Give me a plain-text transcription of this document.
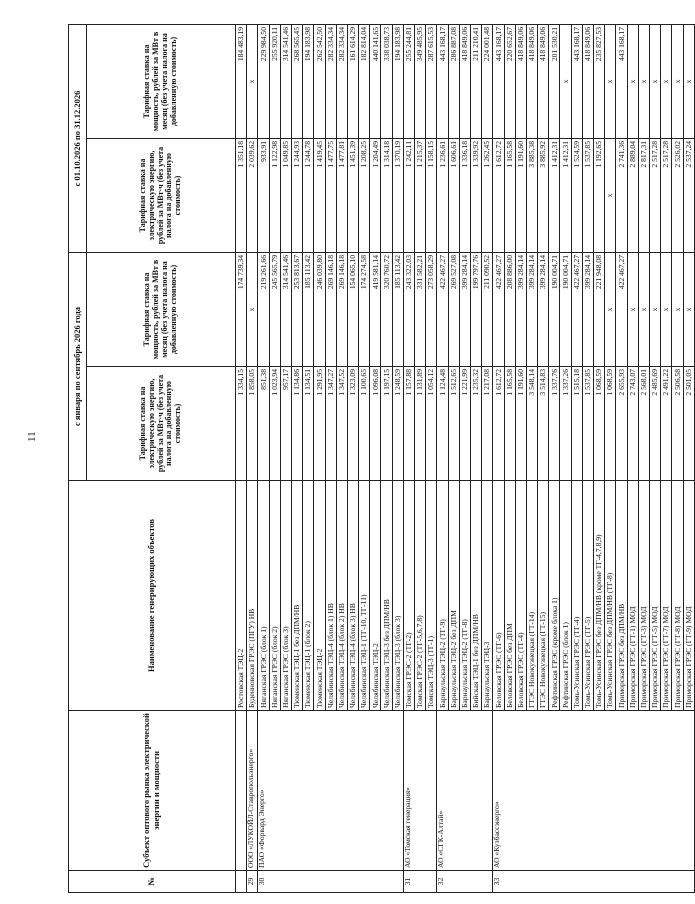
11
№	Субъект оптового рынка электрической энергии и мощности	Наименование генерирующих объектов	с января по сентябрь 2026 года		с 01.10.2026 по 31.12.2026	
			Тарифная ставка на электрическую энергию, рублей за МВт·ч (без учета налога на добавленную стоимость)	Тарифная ставка на мощность, рублей за МВт в месяц (без учета налога на добавленную стоимость)	Тарифная ставка на электрическую энергию, рублей за МВт·ч (без учета налога на добавленную стоимость)	Тарифная ставка на мощность, рублей за МВт в месяц (без учета налога на добавленную стоимость)
		Ростовская ТЭЦ-2	1 334,15	174 739,34	1 351,18	184 483,19
29	ООО «ЛУКОЙЛ-Ставропольэнерго»	Буденновская ГРЭС (ПГУ) НВ	1 858,05	x	2 039,62	x
30	ПАО «Форвард Энерго»	Няганская ГРЭС (блок 1)	851,38	219 261,66	933,91	229 984,50
		Няганская ГРЭС (блок 2)	1 023,94	245 565,79	1 122,98	255 920,11
		Няганская ГРЭС (блок 3)	957,17	314 541,46	1 049,85	314 541,46
		Тюменская ТЭЦ-1 без ДПМ/НВ	1 134,86	253 813,67	1 244,93	268 565,45
		Тюменская ТЭЦ-1 (блок 2)	1 134,51	185 113,42	1 244,78	194 183,98
		Тюменская ТЭЦ-2	1 291,95	246 039,80	1 419,45	262 542,50
		Челябинская ТЭЦ-4 (блок 1) НВ	1 347,27	269 146,18	1 477,75	282 334,34
		Челябинская ТЭЦ-4 (блок 2) НВ	1 347,52	269 146,18	1 477,81	282 334,34
		Челябинская ТЭЦ-4 (блок 3) НВ	1 323,09	154 065,10	1 451,39	161 614,29
		Челябинская ТЭЦ-1 (ТГ-10, ТГ-11)	1 100,65	174 274,58	1 208,25	182 814,04
		Челябинская ТЭЦ-2	1 096,08	419 581,14	1 204,49	440 141,65
		Челябинская ТЭЦ-3 без ДПМ/НВ	1 197,15	320 760,72	1 314,18	338 038,73
		Челябинская ТЭЦ-3 (блок 3)	1 248,59	185 113,42	1 370,19	194 183,98
31	АО «Томская генерация»	Томская ГРЭС-2 (ТГ-2)	1 157,88	243 322,03	1 242,11	255 244,81
		Томская ГРЭС-2 (ТГ-5,6,7,8)	1 131,89	331 582,21	1 215,37	349 485,95
		Томская ТЭЦ-3 (ТГ-1)	1 054,12	273 058,29	1 158,15	287 615,53
32	АО «СГК-Алтай»	Барнаульская ТЭЦ-2 (ТГ-9)	1 124,48	422 467,27	1 236,61	443 168,17
		Барнаульская ТЭЦ-2 без ДПМ	1 512,65	269 527,08	1 606,61	286 887,08
		Барнаульская ТЭЦ-2 (ТГ-8)	1 221,99	399 284,14	1 336,18	418 849,06
		Бийская ТЭЦ-1 без ДПМ/НВ	1 235,32	199 797,76	1 339,92	211 210,41
		Барнаульская ТЭЦ-3	1 217,08	211 090,52	1 262,45	224 001,48
33	АО «Кузбассэнерго»	Беловская ГРЭС (ТГ-6)	1 612,72	422 467,27	1 612,72	443 168,17
		Беловская ГРЭС без ДПМ	1 165,58	208 886,00	1 165,58	220 652,67
		Беловская ГРЭС (ТГ-4)	1 191,60	399 284,14	1 191,60	418 849,06
		ГТЭС Новокузнецкая (ГТ-14)	3 548,14	399 284,14	3 885,38	418 849,06
		ГТЭС Новокузнецкая (ГТ-15)	3 514,83	399 284,14	3 885,92	418 849,06
		Рефтинская ГРЭС (кроме блока 1)	1 337,76	190 004,71	1 412,31	201 530,21
		Рефтинская ГРЭС (блок 1)	1 337,26	190 004,71	1 412,31	x
		Томь-Усинская ГРЭС (ТГ-4)	1 515,18	422 467,27	1 524,59	443 168,17
		Томь-Усинская ГРЭС (ТГ-5)	1 537,85	399 284,14	1 537,85	418 849,06
		Томь-Усинская ГРЭС без ДПМ/НВ (кроме ТГ-4,7,8,9)	1 068,59	221 948,08	1 192,65	235 827,53
		Томь-Усинская ГРЭС без ДПМ/НВ (ТГ-8)	1 068,59	x	x	x
		Приморская ГРЭС без ДПМ/НВ	2 655,93	422 467,27	2 741,36	443 168,17
		Приморская ГРЭС (ГТ-1) МОД	2 743,07	x	2 889,04	x
		Приморская ГРЭС (ГТ-3) МОД	2 568,01	x	2 817,31	x
		Приморская ГРЭС (ГТ-5) МОД	2 485,69	x	2 517,28	x
		Приморская ГРЭС (ГТ-7) МОД	2 491,22	x	2 517,28	x
		Приморская ГРЭС (ГТ-8) МОД	2 506,58	x	2 526,02	x
		Приморская ГРЭС (ГТ-9) МОД	2 501,05	x	2 537,24	x
